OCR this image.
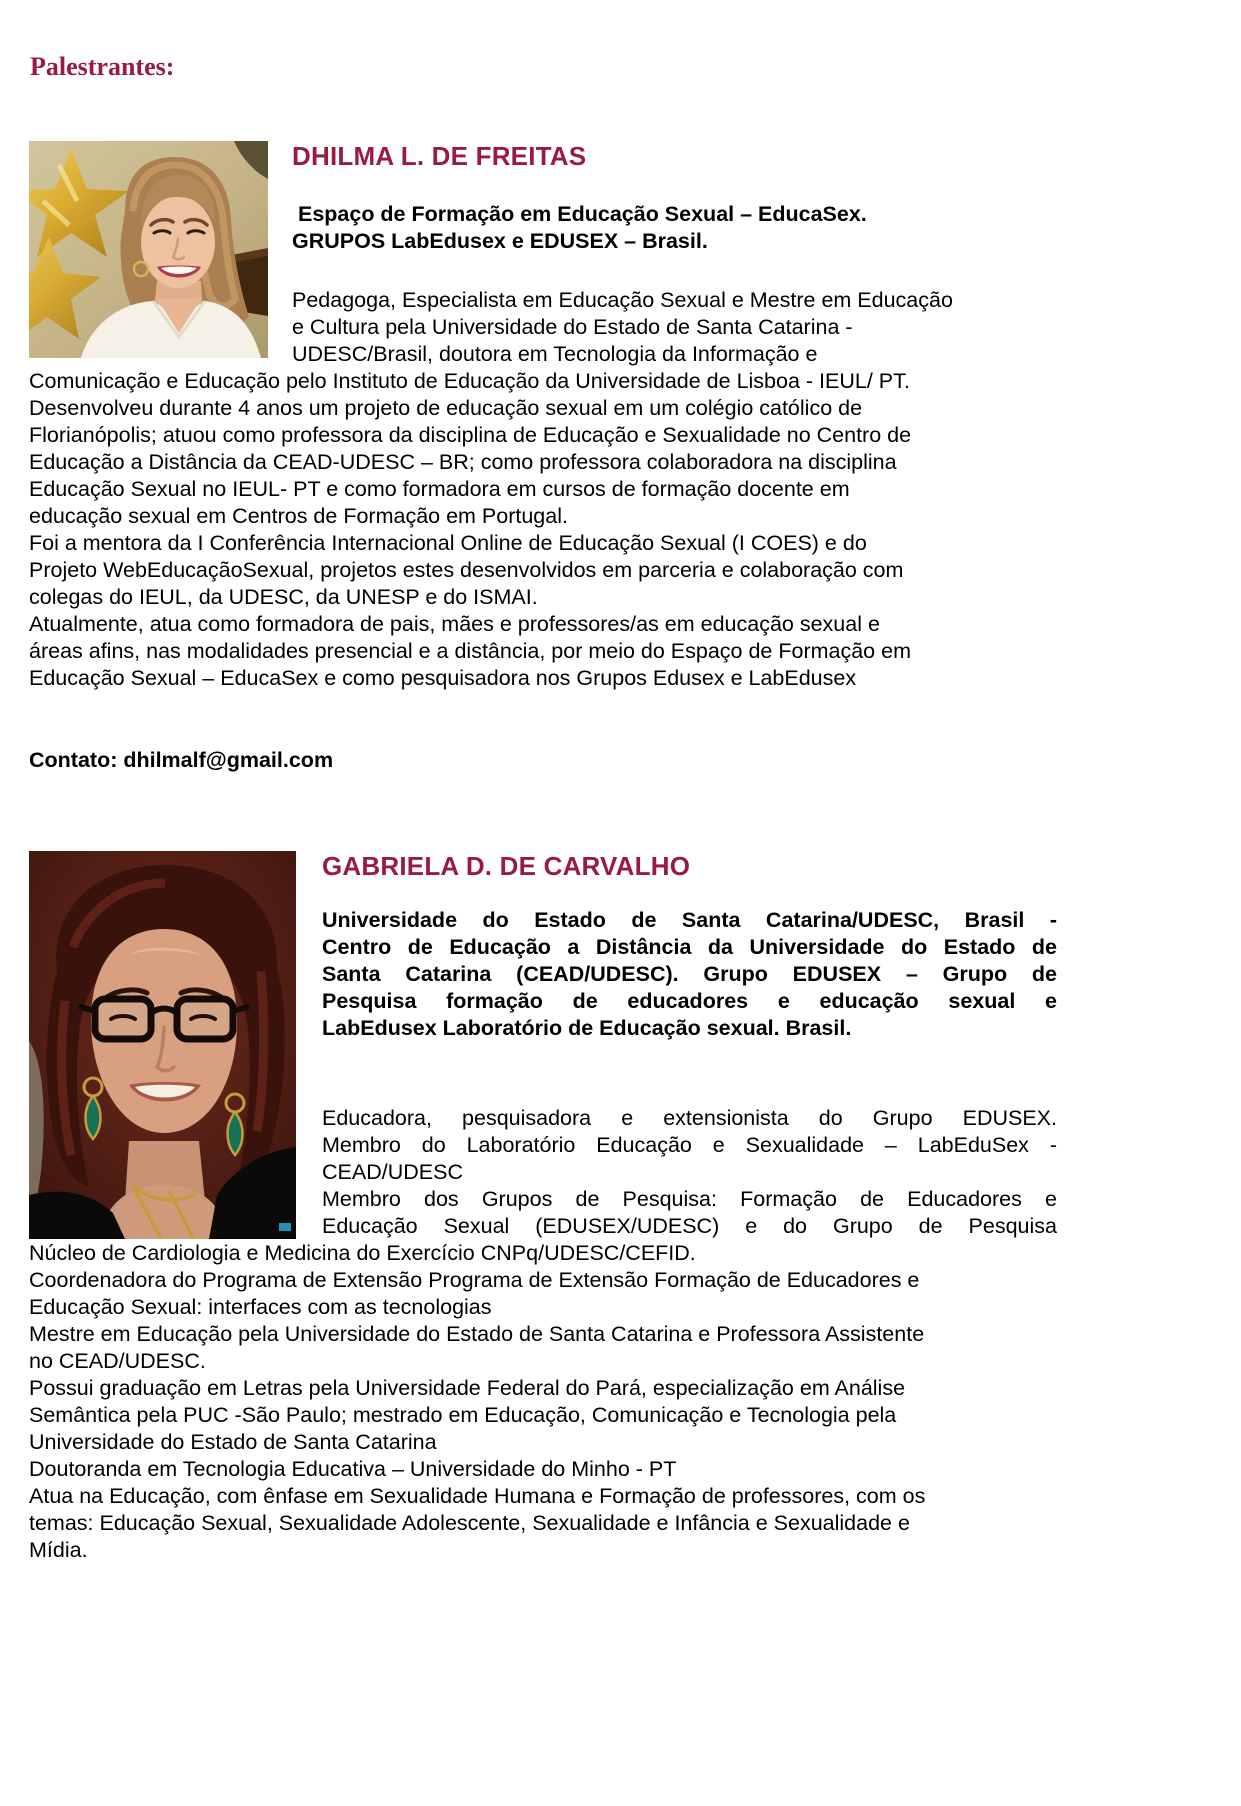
Palestrantes:
DHILMA L. DE FREITAS
Espaço de Formação em Educação Sexual – EducaSex.
GRUPOS LabEdusex e EDUSEX – Brasil.
Pedagoga, Especialista em Educação Sexual e Mestre em Educação
e Cultura pela Universidade do Estado de Santa Catarina -
UDESC/Brasil, doutora em Tecnologia da Informação e
Comunicação e Educação pelo Instituto de Educação da Universidade de Lisboa - IEUL/ PT.
Desenvolveu durante 4 anos um projeto de educação sexual em um colégio católico de
Florianópolis; atuou como professora da disciplina de Educação e Sexualidade no Centro de
Educação a Distância da CEAD-UDESC – BR; como professora colaboradora na disciplina
Educação Sexual no IEUL- PT e como formadora em cursos de formação docente em
educação sexual em Centros de Formação em Portugal.
Foi a mentora da I Conferência Internacional Online de Educação Sexual (I COES) e do
Projeto WebEducaçãoSexual, projetos estes desenvolvidos em parceria e colaboração com
colegas do IEUL, da UDESC, da UNESP e do ISMAI.
Atualmente, atua como formadora de pais, mães e professores/as em educação sexual e
áreas afins, nas modalidades presencial e a distância, por meio do Espaço de Formação em
Educação Sexual – EducaSex e como pesquisadora nos Grupos Edusex e LabEdusex

Contato: dhilmalf@gmail.com

GABRIELA D. DE CARVALHO
Universidade do Estado de Santa Catarina/UDESC, Brasil -
Centro de Educação a Distância da Universidade do Estado de
Santa Catarina (CEAD/UDESC). Grupo EDUSEX – Grupo de
Pesquisa formação de educadores e educação sexual e
LabEdusex Laboratório de Educação sexual. Brasil.
Educadora, pesquisadora e extensionista do Grupo EDUSEX.
Membro do Laboratório Educação e Sexualidade – LabEduSex -
CEAD/UDESC
Membro dos Grupos de Pesquisa: Formação de Educadores e
Educação Sexual (EDUSEX/UDESC) e do Grupo de Pesquisa
Núcleo de Cardiologia e Medicina do Exercício CNPq/UDESC/CEFID.
Coordenadora do Programa de Extensão Programa de Extensão Formação de Educadores e
Educação Sexual: interfaces com as tecnologias
Mestre em Educação pela Universidade do Estado de Santa Catarina e Professora Assistente
no CEAD/UDESC.
Possui graduação em Letras pela Universidade Federal do Pará, especialização em Análise
Semântica pela PUC -São Paulo; mestrado em Educação, Comunicação e Tecnologia pela
Universidade do Estado de Santa Catarina
Doutoranda em Tecnologia Educativa – Universidade do Minho - PT
Atua na Educação, com ênfase em Sexualidade Humana e Formação de professores, com os
temas: Educação Sexual, Sexualidade Adolescente, Sexualidade e Infância e Sexualidade e
Mídia.
